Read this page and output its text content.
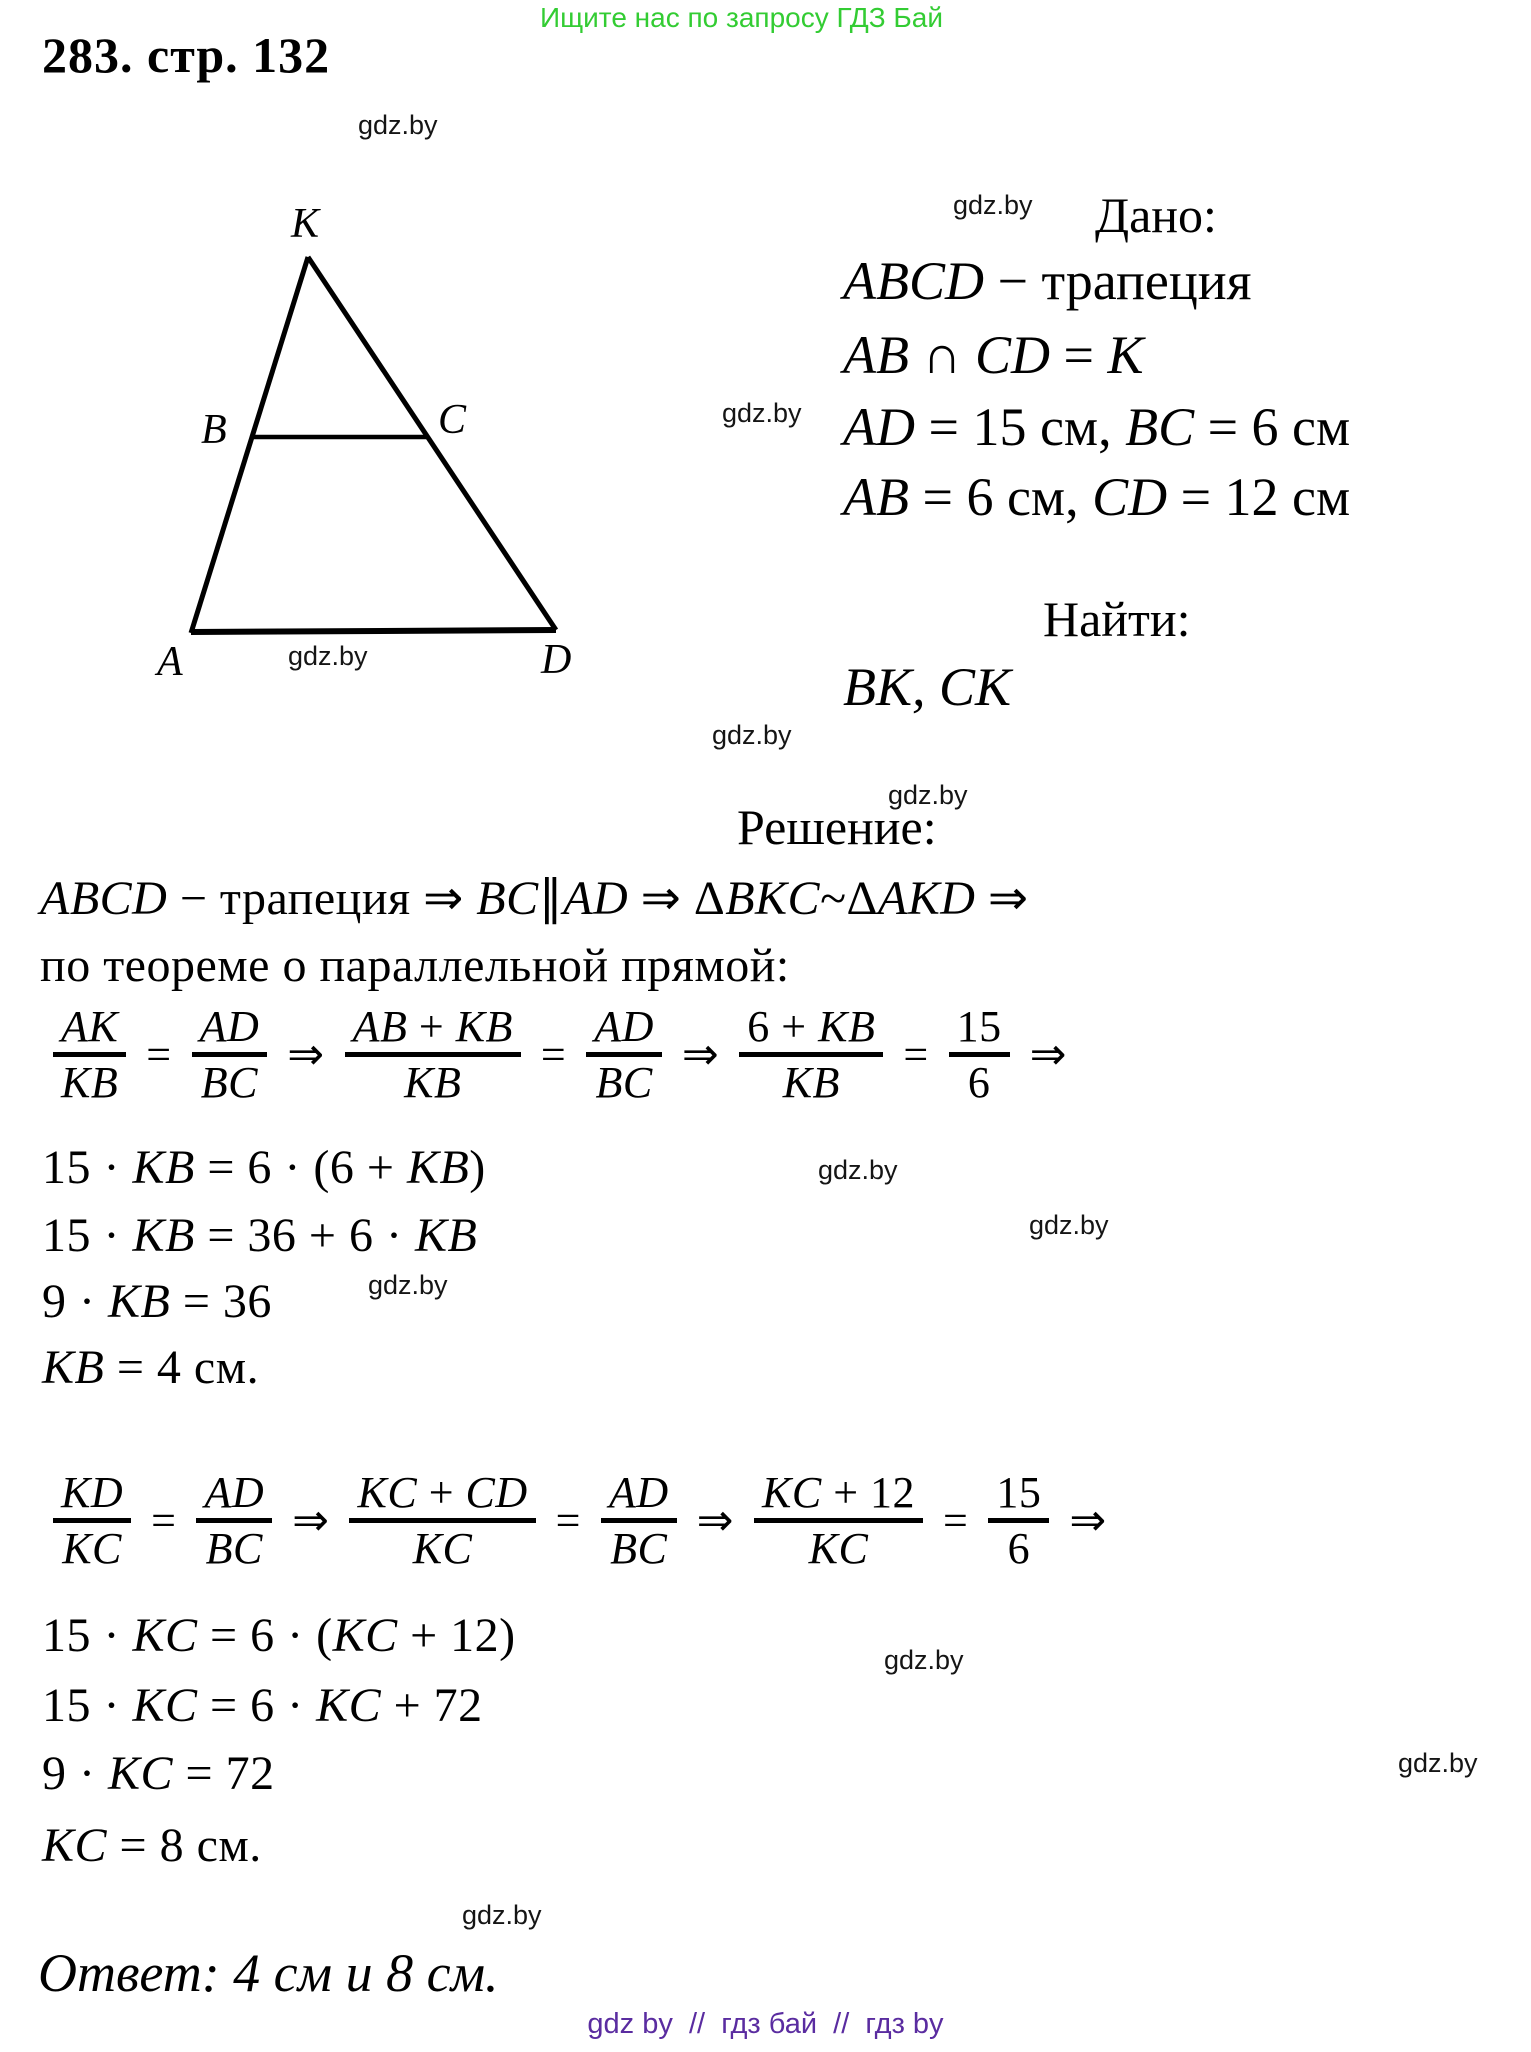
Ищите нас по запросу ГДЗ Бай
283. стр. 132
K
B	C
A	D
gdz.by
gdz.by
gdz.by
gdz.by
gdz.by
gdz.by
gdz.by
gdz.by
gdz.by
gdz.by
gdz.by
gdz.by
Дано:
ABCD − трапеция
AB ∩ CD = K
AD = 15 см, BC = 6 см
AB = 6 см, CD = 12 см
Найти:
BK, CK
Решение:
ABCD − трапеция ⇒ BC∥AD ⇒ ΔBKC~ΔAKD ⇒
по теореме о параллельной прямой:
AK
KB
=
AD
BC
⇒
AB + KB
KB
=
AD
BC
⇒
6 + KB
KB
=
15
6
⇒
15 · KB = 6 · (6 + KB)
15 · KB = 36 + 6 · KB
9 · KB = 36
KB = 4 см.
KD
KC
=
AD
BC
⇒
KC + CD
KC
=
AD
BC
⇒
KC + 12
KC
=
15
6
⇒
15 · KC = 6 · (KC + 12)
15 · KC = 6 · KC + 72
9 · KC = 72
KC = 8 см.
Ответ: 4 см и 8 см.
gdz by  //  гдз бай  //  гдз by
